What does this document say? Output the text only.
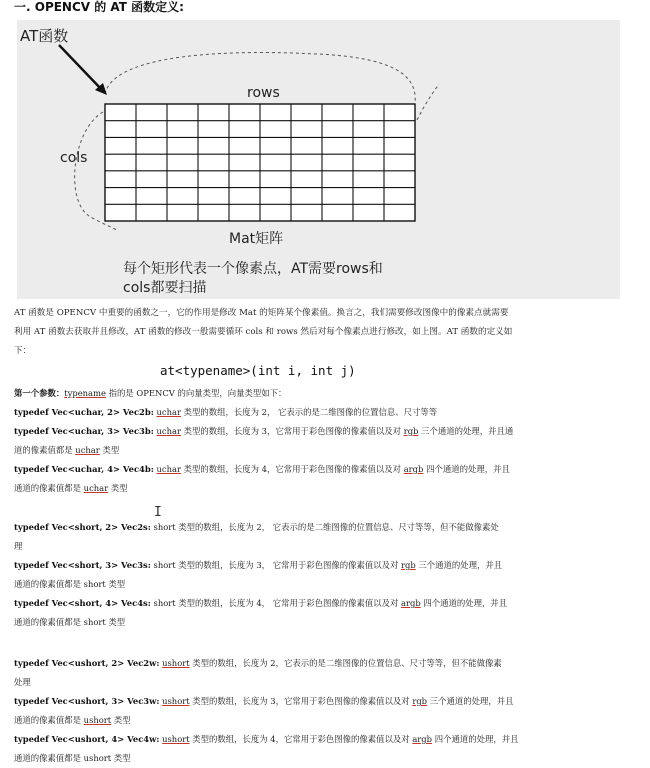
一. OPENCV 的 AT 函数定义:
AT函数
rows
cols
Mat矩阵
每个矩形代表一个像素点，AT需要rows和
cols都要扫描
AT 函数是 OPENCV 中重要的函数之一，它的作用是修改 Mat 的矩阵某个像素值。换言之，我们需要修改图像中的像素点就需要
利用 AT 函数去获取并且修改，AT 函数的修改一般需要循环 cols 和 rows 然后对每个像素点进行修改，如上图。AT 函数的定义如
下：
at<typename>(int i, int j)
第一个参数：typename 指的是 OPENCV 的向量类型，向量类型如下：
typedef Vec<uchar, 2> Vec2b: uchar 类型的数组，长度为 2， 它表示的是二维图像的位置信息、尺寸等等
typedef Vec<uchar, 3> Vec3b: uchar 类型的数组，长度为 3，它常用于彩色图像的像素值以及对 rgb 三个通道的处理，并且通
道的像素值都是 uchar 类型
typedef Vec<uchar, 4> Vec4b: uchar 类型的数组，长度为 4，它常用于彩色图像的像素值以及对 argb 四个通道的处理，并且
通道的像素值都是 uchar 类型
I
typedef Vec<short, 2> Vec2s: short 类型的数组，长度为 2， 它表示的是二维图像的位置信息、尺寸等等，但不能做像素处
理
typedef Vec<short, 3> Vec3s: short 类型的数组，长度为 3， 它常用于彩色图像的像素值以及对 rgb 三个通道的处理，并且
通道的像素值都是 short 类型
typedef Vec<short, 4> Vec4s: short 类型的数组，长度为 4， 它常用于彩色图像的像素值以及对 argb 四个通道的处理，并且
通道的像素值都是 short 类型
typedef Vec<ushort, 2> Vec2w: ushort 类型的数组，长度为 2，它表示的是二维图像的位置信息、尺寸等等，但不能做像素
处理
typedef Vec<ushort, 3> Vec3w: ushort 类型的数组，长度为 3，它常用于彩色图像的像素值以及对 rgb 三个通道的处理，并且
通道的像素值都是 ushort 类型
typedef Vec<ushort, 4> Vec4w: ushort 类型的数组，长度为 4，它常用于彩色图像的像素值以及对 argb 四个通道的处理，并且
通道的像素值都是 ushort 类型
